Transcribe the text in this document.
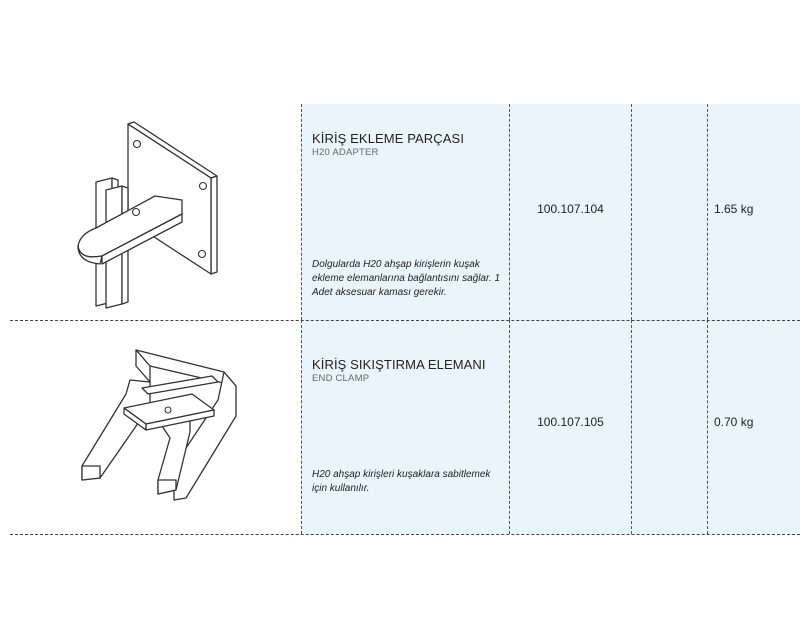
KİRİŞ EKLEME PARÇASI
H20 ADAPTER
Dolgularda H20 ahşap kirişlerin kuşak ekleme elemanlarına bağlantısını sağlar. 1 Adet aksesuar kaması gerekir.
100.107.104	1.65 kg
KİRİŞ SIKIŞTIRMA ELEMANI
END CLAMP
H20 ahşap kirişleri kuşaklara sabitlemek için kullanılır.
100.107.105	0.70 kg
